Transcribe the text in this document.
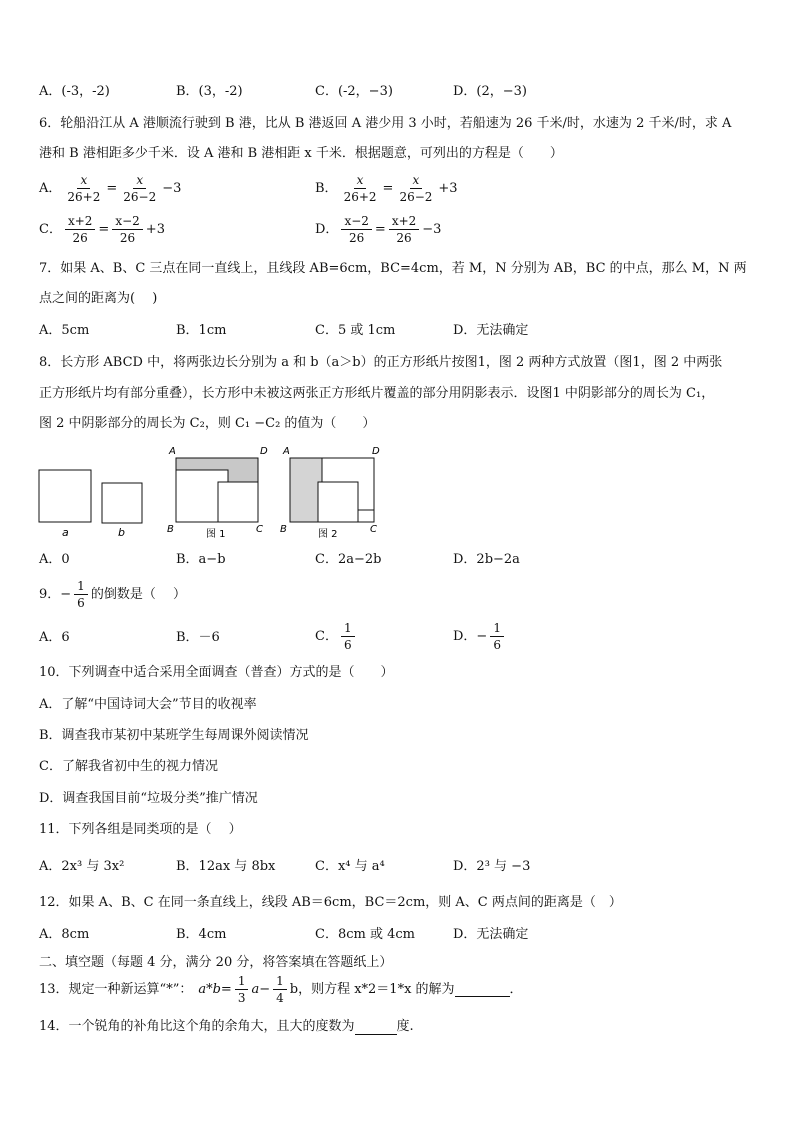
A．(-3，-2)	B．(3，-2)	C．(-2，−3)	D．(2，−3)
6．轮船沿江从 A 港顺流行驶到 B 港，比从 B 港返回 A 港少用 3 小时，若船速为 26 千米/时，水速为 2 千米/时，求 A
港和 B 港相距多少千米．设 A 港和 B 港相距 x 千米．根据题意，可列出的方程是（　　）
A． $\frac{x}{26+2} = \frac{x}{26-2} -3$	B． $\frac{x}{26+2} = \frac{x}{26-2} +3$
C． $\frac{x+2}{26} = \frac{x-2}{26} +3$	D． $\frac{x-2}{26} = \frac{x+2}{26} -3$
7．如果 A、B、C 三点在同一直线上，且线段 AB=6cm，BC=4cm，若 M，N 分别为 AB，BC 的中点，那么 M，N 两
点之间的距离为(　 )
A．5cm	B．1cm	C．5 或 1cm	D．无法确定
8．长方形 ABCD 中，将两张边长分别为 a 和 b（a＞b）的正方形纸片按图1，图 2 两种方式放置（图1，图 2 中两张
正方形纸片均有部分重叠），长方形中未被这两张正方形纸片覆盖的部分用阴影表示．设图1 中阴影部分的周长为 C₁，
图 2 中阴影部分的周长为 C₂，则 C₁ −C₂ 的值为（　　）
a	b
A	D
B	C
图 1
A	D
B	C
图 2
A．0	B．a−b	C．2a−2b	D．2b−2a
9．− $\frac{1}{6}$ 的倒数是（　 ）
A．6	B．－6	C． $\frac{1}{6}$	D．− $\frac{1}{6}$
10．下列调查中适合采用全面调查（普查）方式的是（　　）
A．了解“中国诗词大会”节目的收视率
B．调查我市某初中某班学生每周课外阅读情况
C．了解我省初中生的视力情况
D．调查我国目前“垃圾分类”推广情况
11．下列各组是同类项的是（　 ）
A．2x³ 与 3x²	B．12ax 与 8bx	C．x⁴ 与 a⁴	D．2³ 与 −3
12．如果 A、B、C 在同一条直线上，线段 AB＝6cm，BC＝2cm，则 A、C 两点间的距离是（　）
A．8cm	B．4cm	C．8cm 或 4cm	D．无法确定
二、填空题（每题 4 分，满分 20 分，将答案填在答题纸上）
13．规定一种新运算“*”： $a*b= \frac{1}{3} a- \frac{1}{4}$ b，则方程 x*2＝1*x 的解为	．
14．一个锐角的补角比这个角的余角大，且大的度数为	度.
